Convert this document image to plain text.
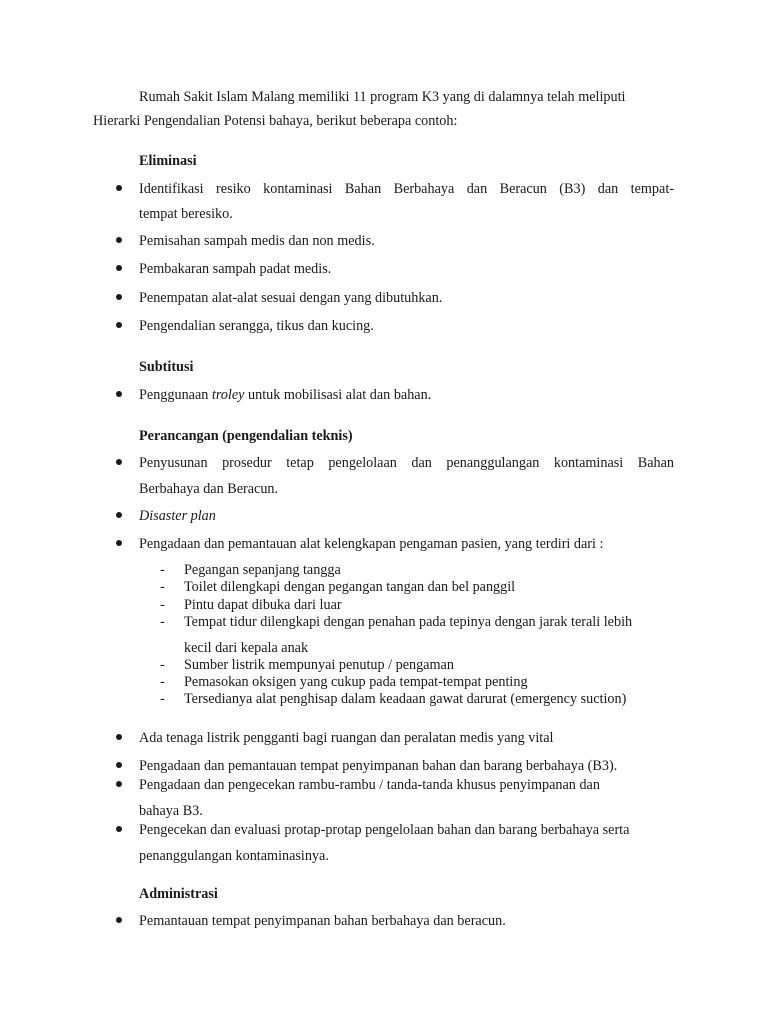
Rumah Sakit Islam Malang memiliki 11 program K3 yang di dalamnya telah meliputi
Hierarki Pengendalian Potensi bahaya, berikut beberapa contoh:
Eliminasi
Identifikasi resiko kontaminasi Bahan Berbahaya dan Beracun (B3) dan tempat-
tempat beresiko.
Pemisahan sampah medis dan non medis.
Pembakaran sampah padat medis.
Penempatan alat-alat sesuai dengan yang dibutuhkan.
Pengendalian serangga, tikus dan kucing.
Subtitusi
Penggunaan troley untuk mobilisasi alat dan bahan.
Perancangan (pengendalian teknis)
Penyusunan prosedur tetap pengelolaan dan penanggulangan kontaminasi Bahan
Berbahaya dan Beracun.
Disaster plan
Pengadaan dan pemantauan alat kelengkapan pengaman pasien, yang terdiri dari :
- Pegangan sepanjang tangga
- Toilet dilengkapi dengan pegangan tangan dan bel panggil
- Pintu dapat dibuka dari luar
- Tempat tidur dilengkapi dengan penahan pada tepinya dengan jarak terali lebih
kecil dari kepala anak
- Sumber listrik mempunyai penutup / pengaman
- Pemasokan oksigen yang cukup pada tempat-tempat penting
- Tersedianya alat penghisap dalam keadaan gawat darurat (emergency suction)
Ada tenaga listrik pengganti bagi ruangan dan peralatan medis yang vital
Pengadaan dan pemantauan tempat penyimpanan bahan dan barang berbahaya (B3).
Pengadaan dan pengecekan rambu-rambu / tanda-tanda khusus penyimpanan dan
bahaya B3.
Pengecekan dan evaluasi protap-protap pengelolaan bahan dan barang berbahaya serta
penanggulangan kontaminasinya.
Administrasi
Pemantauan tempat penyimpanan bahan berbahaya dan beracun.
